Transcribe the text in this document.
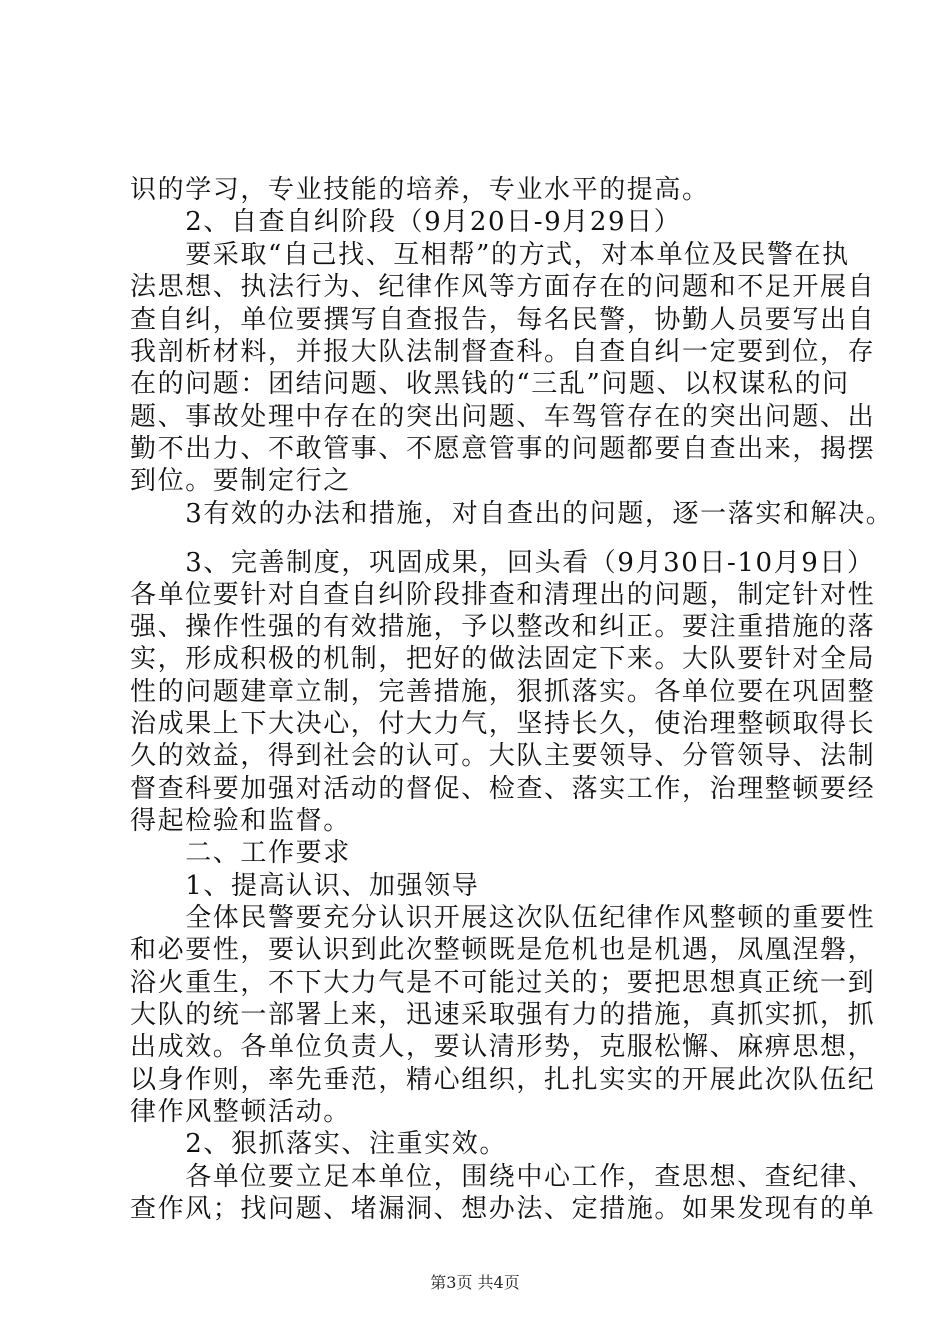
识的学习，专业技能的培养，专业水平的提高。
　　2、自查自纠阶段（9月20日-9月29日）
　　要采取“自己找、互相帮”的方式，对本单位及民警在执
法思想、执法行为、纪律作风等方面存在的问题和不足开展自
查自纠，单位要撰写自查报告，每名民警，协勤人员要写出自
我剖析材料，并报大队法制督查科。自查自纠一定要到位，存
在的问题：团结问题、收黑钱的“三乱”问题、以权谋私的问
题、事故处理中存在的突出问题、车驾管存在的突出问题、出
勤不出力、不敢管事、不愿意管事的问题都要自查出来，揭摆
到位。要制定行之
　　3有效的办法和措施，对自查出的问题，逐一落实和解决。
　　3、完善制度，巩固成果，回头看（9月30日-10月9日）
各单位要针对自查自纠阶段排查和清理出的问题，制定针对性
强、操作性强的有效措施，予以整改和纠正。要注重措施的落
实，形成积极的机制，把好的做法固定下来。大队要针对全局
性的问题建章立制，完善措施，狠抓落实。各单位要在巩固整
治成果上下大决心，付大力气，坚持长久，使治理整顿取得长
久的效益，得到社会的认可。大队主要领导、分管领导、法制
督查科要加强对活动的督促、检查、落实工作，治理整顿要经
得起检验和监督。
　　二、工作要求
　　1、提高认识、加强领导
　　全体民警要充分认识开展这次队伍纪律作风整顿的重要性
和必要性，要认识到此次整顿既是危机也是机遇，凤凰涅磐，
浴火重生，不下大力气是不可能过关的；要把思想真正统一到
大队的统一部署上来，迅速采取强有力的措施，真抓实抓，抓
出成效。各单位负责人，要认清形势，克服松懈、麻痹思想，
以身作则，率先垂范，精心组织，扎扎实实的开展此次队伍纪
律作风整顿活动。
　　2、狠抓落实、注重实效。
　　各单位要立足本单位，围绕中心工作，查思想、查纪律、
查作风；找问题、堵漏洞、想办法、定措施。如果发现有的单
第3页 共4页
